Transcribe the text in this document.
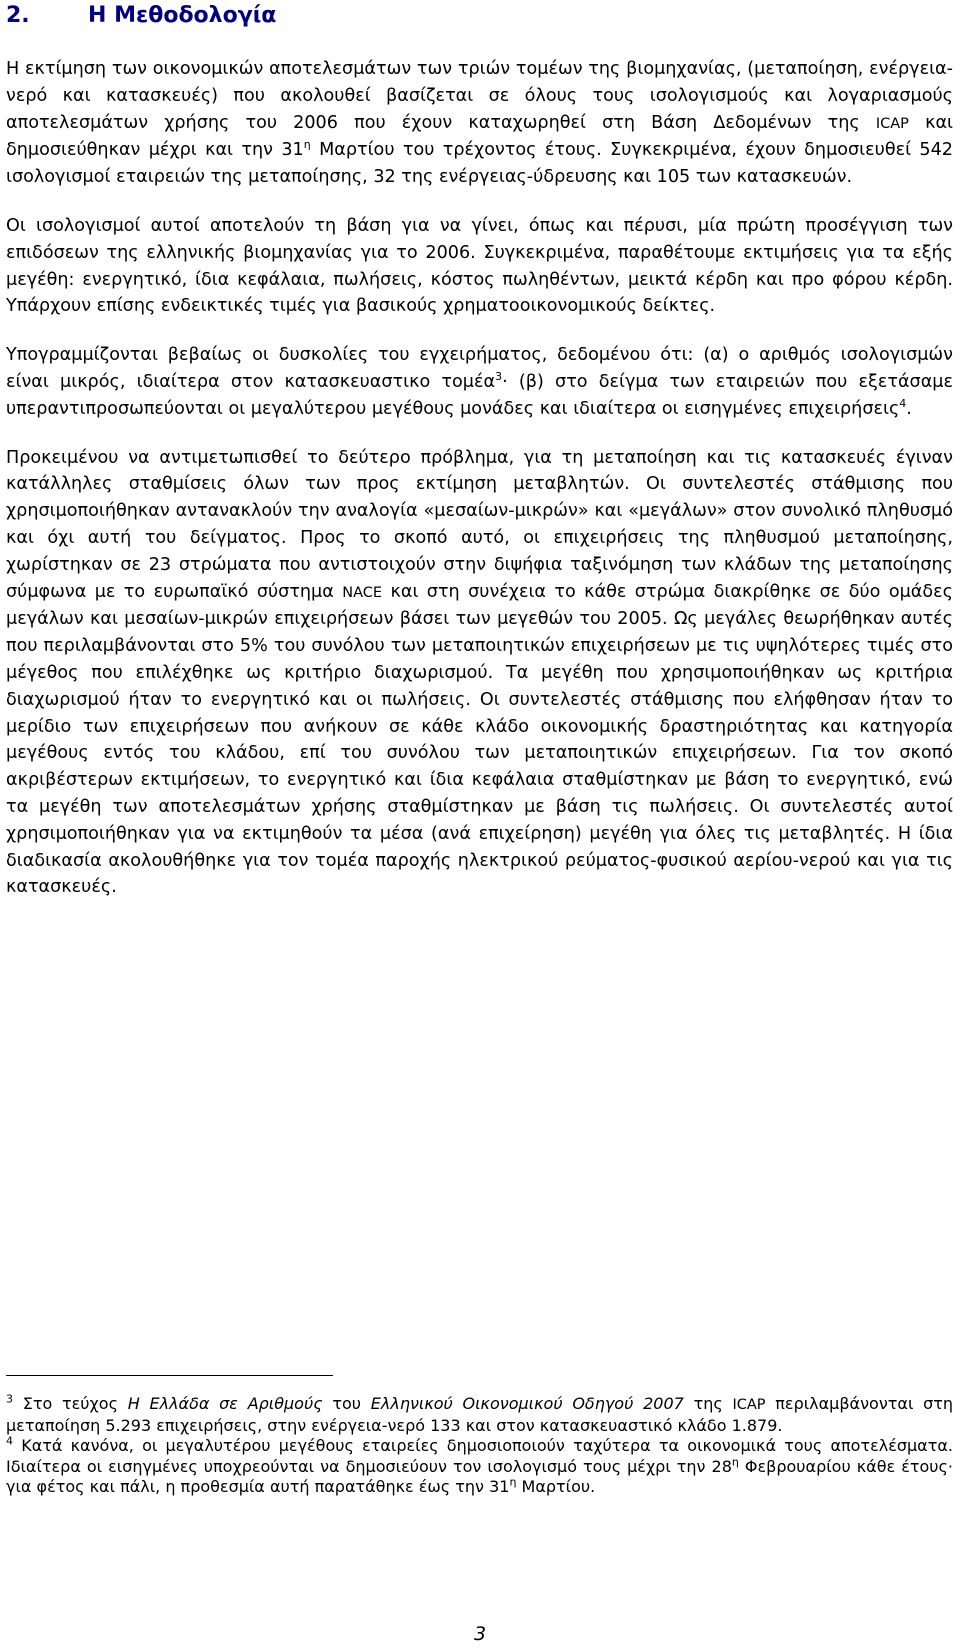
2.	Η Μεθοδολογία

Η εκτίμηση των οικονομικών αποτελεσμάτων των τριών τομέων της βιομηχανίας, (μεταποίηση, ενέργεια-νερό και κατασκευές) που ακολουθεί βασίζεται σε όλους τους ισολογισμούς και λογαριασμούς αποτελεσμάτων χρήσης του 2006 που έχουν καταχωρηθεί στη Βάση Δεδομένων της ICAP και δημοσιεύθηκαν μέχρι και την $31^\eta$ Μαρτίου του τρέχοντος έτους. Συγκεκριμένα, έχουν δημοσιευθεί 542 ισολογισμοί εταιρειών της μεταποίησης, 32 της ενέργειας-ύδρευσης και 105 των κατασκευών.

Οι ισολογισμοί αυτοί αποτελούν τη βάση για να γίνει, όπως και πέρυσι, μία πρώτη προσέγγιση των επιδόσεων της ελληνικής βιομηχανίας για το 2006. Συγκεκριμένα, παραθέτουμε εκτιμήσεις για τα εξής μεγέθη: ενεργητικό, ίδια κεφάλαια, πωλήσεις, κόστος πωληθέντων, μεικτά κέρδη και προ φόρου κέρδη. Υπάρχουν επίσης ενδεικτικές τιμές για βασικούς χρηματοοικονομικούς δείκτες.

Υπογραμμίζονται βεβαίως οι δυσκολίες του εγχειρήματος, δεδομένου ότι: (α) ο αριθμός ισολογισμών είναι μικρός, ιδιαίτερα στον κατασκευαστικο τομέα$^3$· (β) στο δείγμα των εταιρειών που εξετάσαμε υπεραντιπροσωπεύονται οι μεγαλύτερου μεγέθους μονάδες και ιδιαίτερα οι εισηγμένες επιχειρήσεις$^4$.

Προκειμένου να αντιμετωπισθεί το δεύτερο πρόβλημα, για τη μεταποίηση και τις κατασκευές έγιναν κατάλληλες σταθμίσεις όλων των προς εκτίμηση μεταβλητών. Οι συντελεστές στάθμισης που χρησιμοποιήθηκαν αντανακλούν την αναλογία «μεσαίων-μικρών» και «μεγάλων» στον συνολικό πληθυσμό και όχι αυτή του δείγματος. Προς το σκοπό αυτό, οι επιχειρήσεις της πληθυσμού μεταποίησης, χωρίστηκαν σε 23 στρώματα που αντιστοιχούν στην διψήφια ταξινόμηση των κλάδων της μεταποίησης σύμφωνα με το ευρωπαϊκό σύστημα NACE και στη συνέχεια το κάθε στρώμα διακρίθηκε σε δύο ομάδες μεγάλων και μεσαίων-μικρών επιχειρήσεων βάσει των μεγεθών του 2005. Ως μεγάλες θεωρήθηκαν αυτές που περιλαμβάνονται στο 5% του συνόλου των μεταποιητικών επιχειρήσεων με τις υψηλότερες τιμές στο μέγεθος που επιλέχθηκε ως κριτήριο διαχωρισμού. Τα μεγέθη που χρησιμοποιήθηκαν ως κριτήρια διαχωρισμού ήταν το ενεργητικό και οι πωλήσεις. Οι συντελεστές στάθμισης που ελήφθησαν ήταν το μερίδιο των επιχειρήσεων που ανήκουν σε κάθε κλάδο οικονομικής δραστηριότητας και κατηγορία μεγέθους εντός του κλάδου, επί του συνόλου των μεταποιητικών επιχειρήσεων. Για τον σκοπό ακριβέστερων εκτιμήσεων, το ενεργητικό και ίδια κεφάλαια σταθμίστηκαν με βάση το ενεργητικό, ενώ τα μεγέθη των αποτελεσμάτων χρήσης σταθμίστηκαν με βάση τις πωλήσεις. Οι συντελεστές αυτοί χρησιμοποιήθηκαν για να εκτιμηθούν τα μέσα (ανά επιχείρηση) μεγέθη για όλες τις μεταβλητές. Η ίδια διαδικασία ακολουθήθηκε για τον τομέα παροχής ηλεκτρικού ρεύματος-φυσικού αερίου-νερού και για τις κατασκευές.

$^3$ Στο τεύχος Η Ελλάδα σε Αριθμούς του Ελληνικού Οικονομικού Οδηγού 2007 της ICAP περιλαμβάνονται στη μεταποίηση 5.293 επιχειρήσεις, στην ενέργεια-νερό 133 και στον κατασκευαστικό κλάδο 1.879.

$^4$ Κατά κανόνα, οι μεγαλυτέρου μεγέθους εταιρείες δημοσιοποιούν ταχύτερα τα οικονομικά τους αποτελέσματα. Ιδιαίτερα οι εισηγμένες υποχρεούνται να δημοσιεύουν τον ισολογισμό τους μέχρι την $28^\eta$ Φεβρουαρίου κάθε έτους· για φέτος και πάλι, η προθεσμία αυτή παρατάθηκε έως την $31^\eta$ Μαρτίου.

3
